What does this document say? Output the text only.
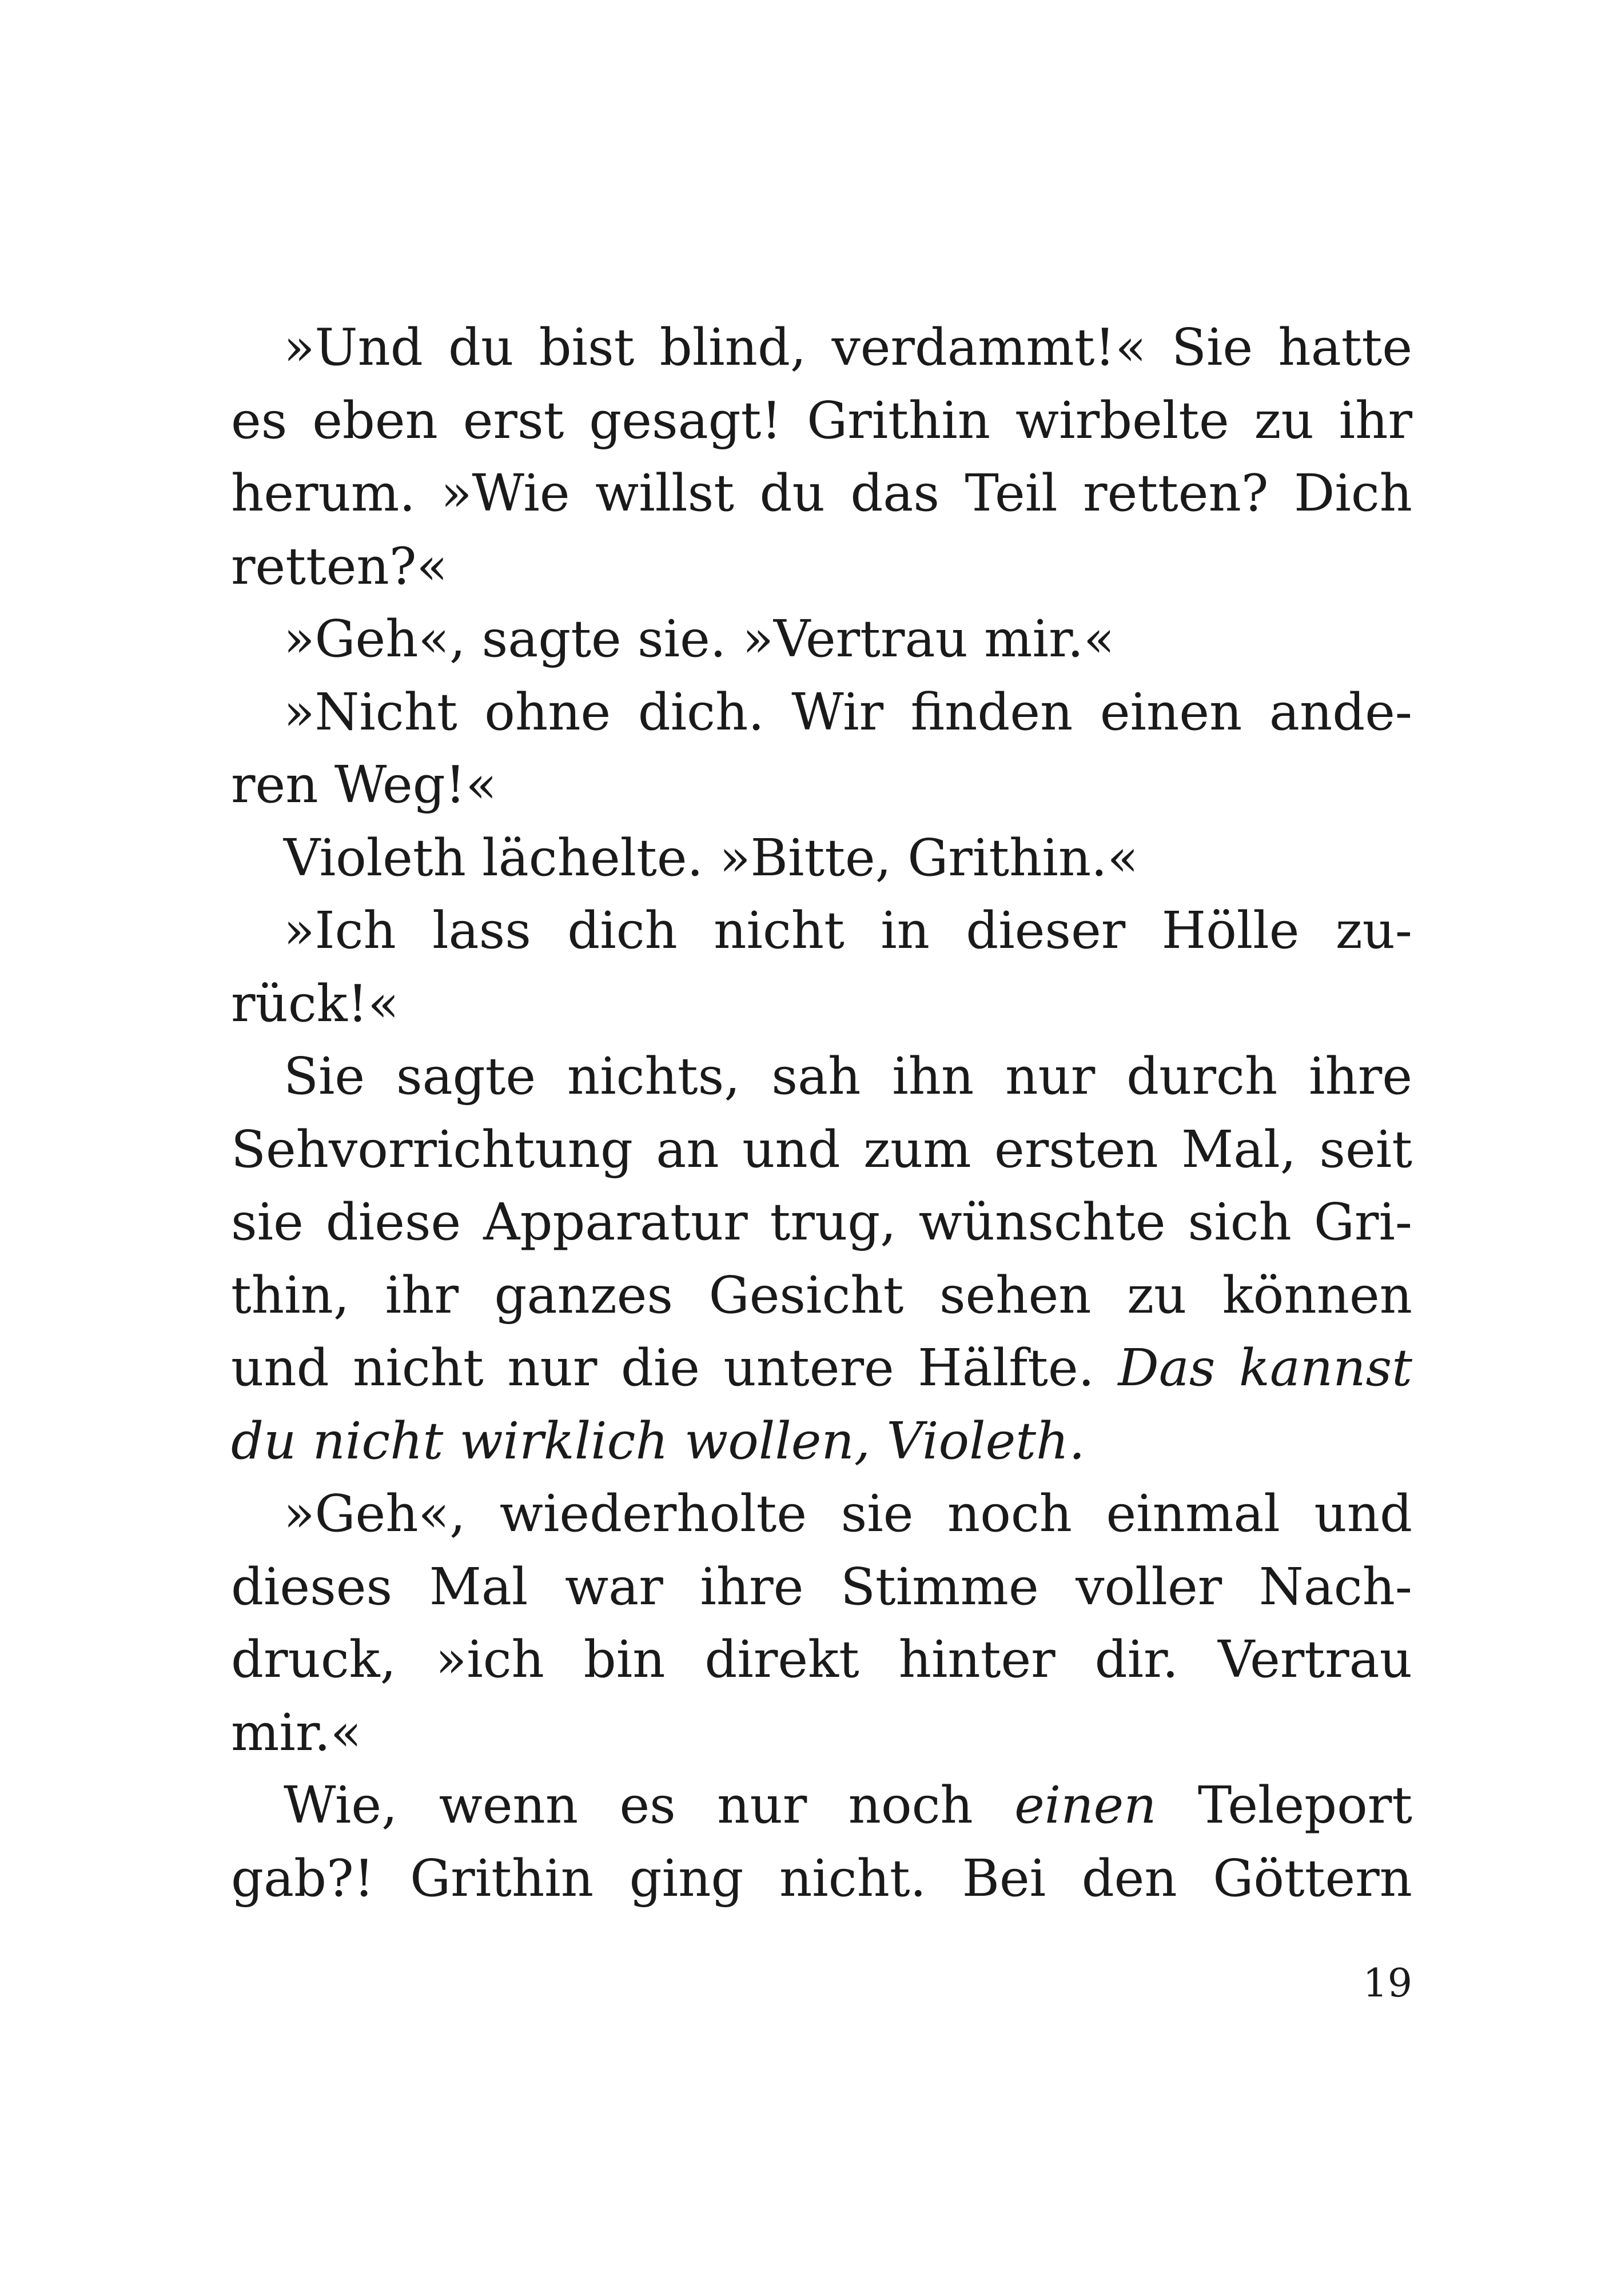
»Und du bist blind, verdammt!« Sie hatte
es eben erst gesagt! Grithin wirbelte zu ihr
herum. »Wie willst du das Teil retten? Dich
retten?«
»Geh«, sagte sie. »Vertrau mir.«
»Nicht ohne dich. Wir finden einen ande-
ren Weg!«
Violeth lächelte. »Bitte, Grithin.«
»Ich lass dich nicht in dieser Hölle zu-
rück!«
Sie sagte nichts, sah ihn nur durch ihre
Sehvorrichtung an und zum ersten Mal, seit
sie diese Apparatur trug, wünschte sich Gri-
thin, ihr ganzes Gesicht sehen zu können
und nicht nur die untere Hälfte. Das kannst
du nicht wirklich wollen, Violeth.
»Geh«, wiederholte sie noch einmal und
dieses Mal war ihre Stimme voller Nach-
druck, »ich bin direkt hinter dir. Vertrau
mir.«
Wie, wenn es nur noch einen Teleport
gab?! Grithin ging nicht. Bei den Göttern
19
